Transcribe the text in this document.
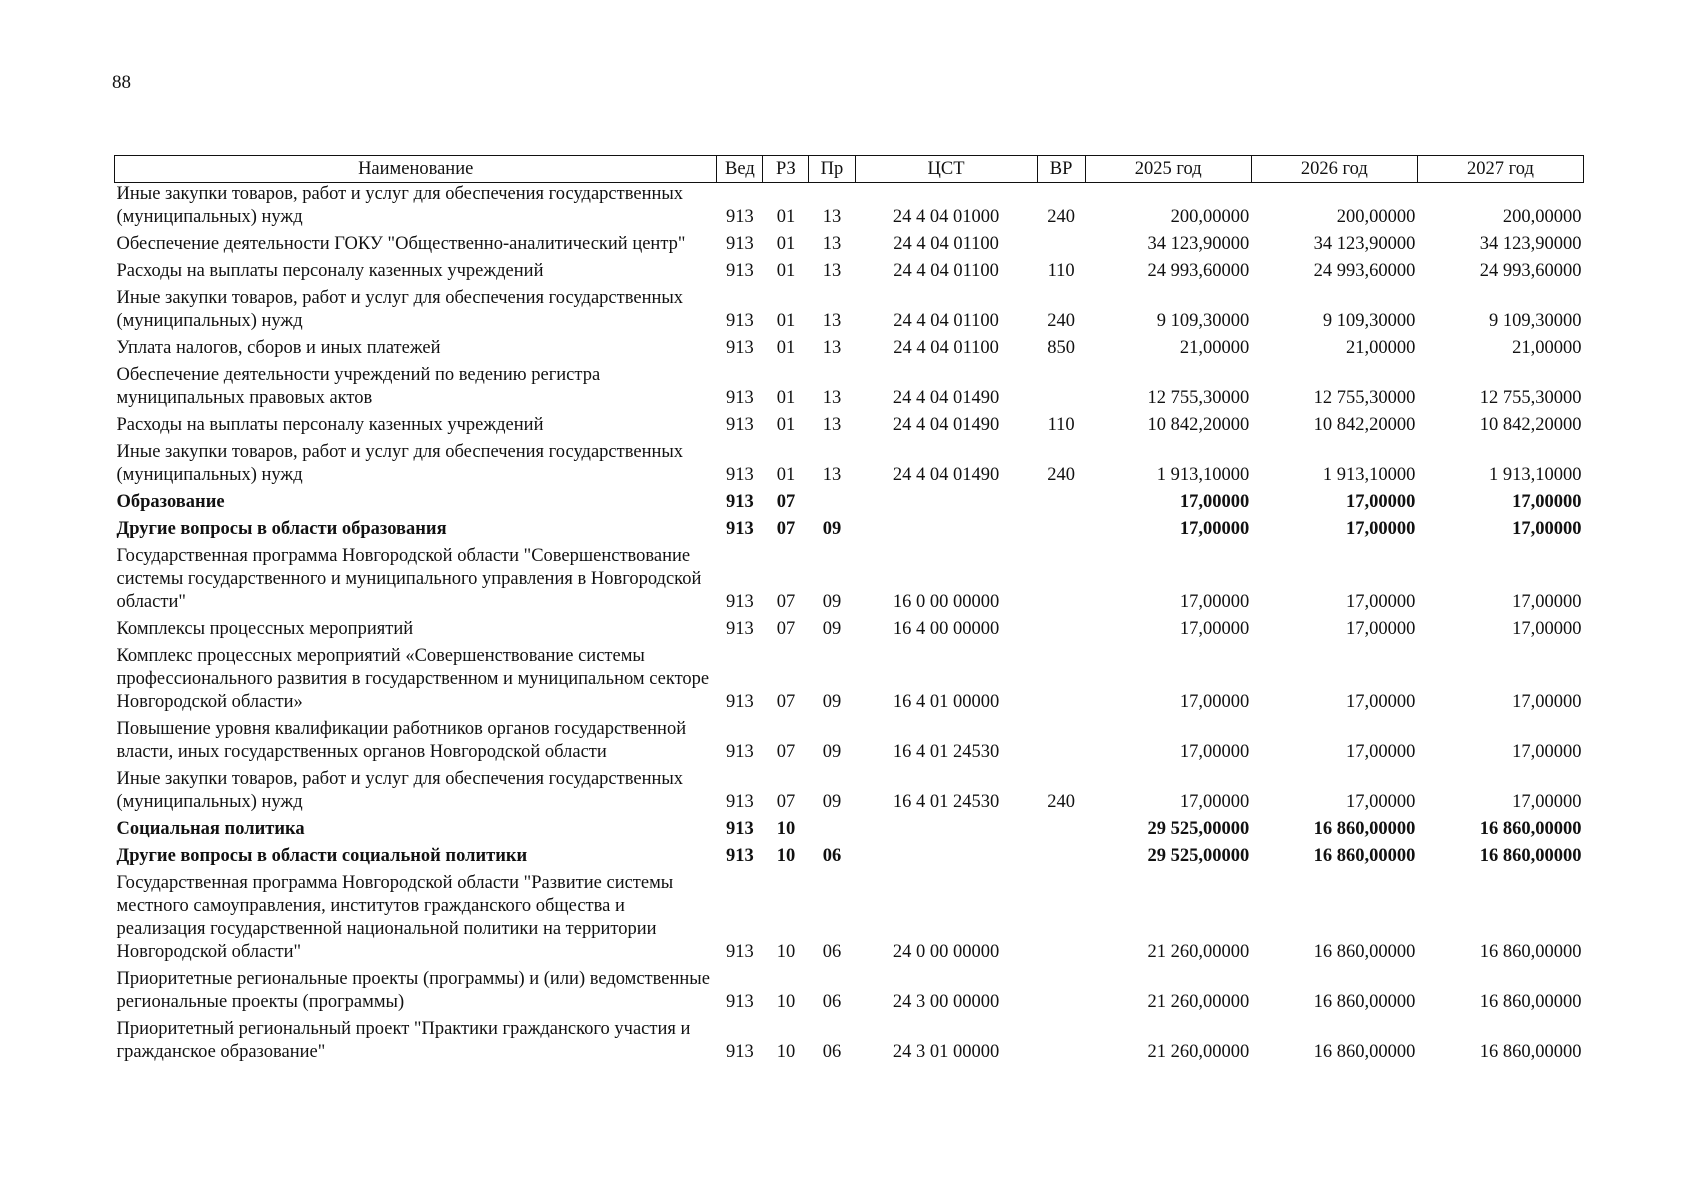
88
Наименование	Вед	РЗ	Пр	ЦСТ	ВР	2025 год	2026 год	2027 год
Иные закупки товаров, работ и услуг для обеспечения государственных (муниципальных) нужд	913	01	13	24 4 04 01000	240	200,00000	200,00000	200,00000
Обеспечение деятельности ГОКУ "Общественно-аналитический центр"	913	01	13	24 4 04 01100		34 123,90000	34 123,90000	34 123,90000
Расходы на выплаты персоналу казенных учреждений	913	01	13	24 4 04 01100	110	24 993,60000	24 993,60000	24 993,60000
Иные закупки товаров, работ и услуг для обеспечения государственных (муниципальных) нужд	913	01	13	24 4 04 01100	240	9 109,30000	9 109,30000	9 109,30000
Уплата налогов, сборов и иных платежей	913	01	13	24 4 04 01100	850	21,00000	21,00000	21,00000
Обеспечение деятельности учреждений по ведению регистра муниципальных правовых актов	913	01	13	24 4 04 01490		12 755,30000	12 755,30000	12 755,30000
Расходы на выплаты персоналу казенных учреждений	913	01	13	24 4 04 01490	110	10 842,20000	10 842,20000	10 842,20000
Иные закупки товаров, работ и услуг для обеспечения государственных (муниципальных) нужд	913	01	13	24 4 04 01490	240	1 913,10000	1 913,10000	1 913,10000
Образование	913	07				17,00000	17,00000	17,00000
Другие вопросы в области образования	913	07	09			17,00000	17,00000	17,00000
Государственная программа Новгородской области "Совершенствование системы государственного и муниципального управления в Новгородской области"	913	07	09	16 0 00 00000		17,00000	17,00000	17,00000
Комплексы процессных мероприятий	913	07	09	16 4 00 00000		17,00000	17,00000	17,00000
Комплекс процессных мероприятий «Совершенствование системы профессионального развития в государственном и муниципальном секторе Новгородской области»	913	07	09	16 4 01 00000		17,00000	17,00000	17,00000
Повышение уровня квалификации работников органов государственной власти, иных государственных органов Новгородской области	913	07	09	16 4 01 24530		17,00000	17,00000	17,00000
Иные закупки товаров, работ и услуг для обеспечения государственных (муниципальных) нужд	913	07	09	16 4 01 24530	240	17,00000	17,00000	17,00000
Социальная политика	913	10				29 525,00000	16 860,00000	16 860,00000
Другие вопросы в области социальной политики	913	10	06			29 525,00000	16 860,00000	16 860,00000
Государственная программа Новгородской области "Развитие системы местного самоуправления, институтов гражданского общества и реализация государственной национальной политики на территории Новгородской области"	913	10	06	24 0 00 00000		21 260,00000	16 860,00000	16 860,00000
Приоритетные региональные проекты (программы) и (или) ведомственные региональные проекты (программы)	913	10	06	24 3 00 00000		21 260,00000	16 860,00000	16 860,00000
Приоритетный региональный проект "Практики гражданского участия и гражданское образование"	913	10	06	24 3 01 00000		21 260,00000	16 860,00000	16 860,00000
